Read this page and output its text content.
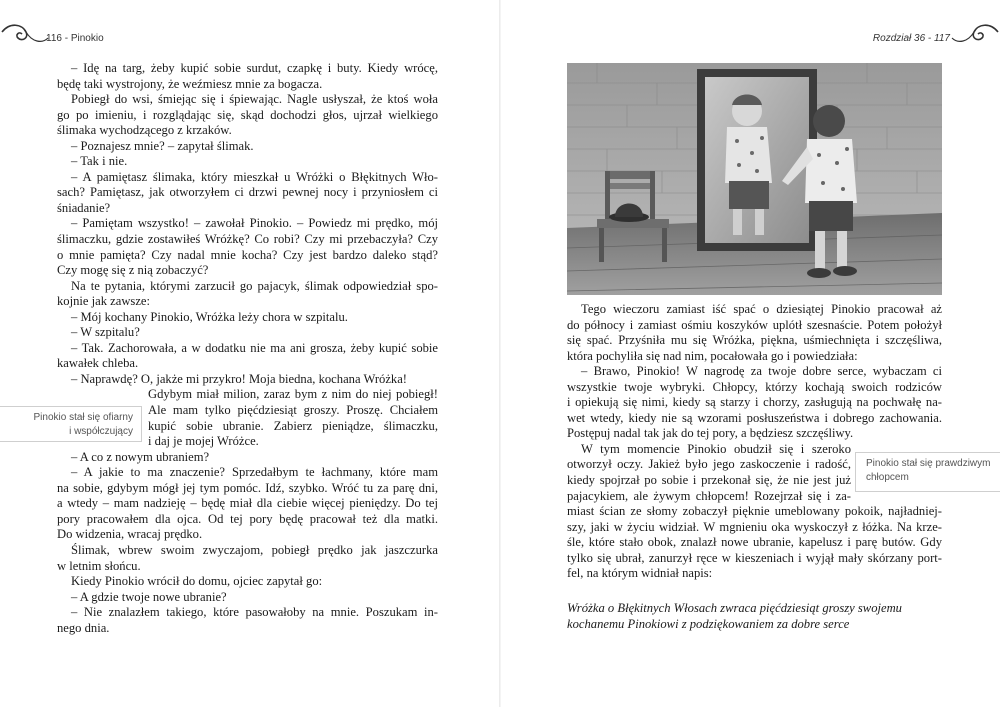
116 - Pinokio	Rozdział 36 - 117
– Idę na targ, żeby kupić sobie surdut, czapkę i buty. Kiedy wrócę,
będę taki wystrojony, że weźmiesz mnie za bogacza.
Pobiegł do wsi, śmiejąc się i śpiewając. Nagle usłyszał, że ktoś woła
go po imieniu, i rozglądając się, skąd dochodzi głos, ujrzał wielkiego
ślimaka wychodzącego z krzaków.
– Poznajesz mnie? – zapytał ślimak.
– Tak i nie.
– A pamiętasz ślimaka, który mieszkał u Wróżki o Błękitnych Wło-
sach? Pamiętasz, jak otworzyłem ci drzwi pewnej nocy i przyniosłem ci
śniadanie?
– Pamiętam wszystko! – zawołał Pinokio. – Powiedz mi prędko, mój
ślimaczku, gdzie zostawiłeś Wróżkę? Co robi? Czy mi przebaczyła? Czy
o mnie pamięta? Czy nadal mnie kocha? Czy jest bardzo daleko stąd?
Czy mogę się z nią zobaczyć?
Na te pytania, którymi zarzucił go pajacyk, ślimak odpowiedział spo-
kojnie jak zawsze:
– Mój kochany Pinokio, Wróżka leży chora w szpitalu.
– W szpitalu?
– Tak. Zachorowała, a w dodatku nie ma ani grosza, żeby kupić sobie
kawałek chleba.
– Naprawdę? O, jakże mi przykro! Moja biedna, kochana Wróżka!
Gdybym miał milion, zaraz bym z nim do niej pobiegł!
Ale mam tylko pięćdziesiąt groszy. Proszę. Chciałem
kupić sobie ubranie. Zabierz pieniądze, ślimaczku,
i daj je mojej Wróżce.
– A co z nowym ubraniem?
– A jakie to ma znaczenie? Sprzedałbym te łachmany, które mam
na sobie, gdybym mógł jej tym pomóc. Idź, szybko. Wróć tu za parę dni,
a wtedy – mam nadzieję – będę miał dla ciebie więcej pieniędzy. Do tej
pory pracowałem dla ojca. Od tej pory będę pracował też dla matki.
Do widzenia, wracaj prędko.
Ślimak, wbrew swoim zwyczajom, pobiegł prędko jak jaszczurka
w letnim słońcu.
Kiedy Pinokio wrócił do domu, ojciec zapytał go:
– A gdzie twoje nowe ubranie?
– Nie znalazłem takiego, które pasowałoby na mnie. Poszukam in-
nego dnia.
Pinokio stał się ofiarny
i współczujący
Tego wieczoru zamiast iść spać o dziesiątej Pinokio pracował aż
do północy i zamiast ośmiu koszyków uplótł szesnaście. Potem położył
się spać. Przyśniła mu się Wróżka, piękna, uśmiechnięta i szczęśliwa,
która pochyliła się nad nim, pocałowała go i powiedziała:
– Brawo, Pinokio! W nagrodę za twoje dobre serce, wybaczam ci
wszystkie twoje wybryki. Chłopcy, którzy kochają swoich rodziców
i opiekują się nimi, kiedy są starzy i chorzy, zasługują na pochwałę na-
wet wtedy, kiedy nie są wzorami posłuszeństwa i dobrego zachowania.
Postępuj nadal tak jak do tej pory, a będziesz szczęśliwy.
W tym momencie Pinokio obudził się i szeroko
otworzył oczy. Jakież było jego zaskoczenie i radość,
kiedy spojrzał po sobie i przekonał się, że nie jest już
pajacykiem, ale żywym chłopcem! Rozejrzał się i za-
miast ścian ze słomy zobaczył pięknie umeblowany pokoik, najładniej-
szy, jaki w życiu widział. W mgnieniu oka wyskoczył z łóżka. Na krze-
śle, które stało obok, znalazł nowe ubranie, kapelusz i parę butów. Gdy
tylko się ubrał, zanurzył ręce w kieszeniach i wyjął mały skórzany port-
fel, na którym widniał napis:
Pinokio stał się prawdziwym
chłopcem
Wróżka o Błękitnych Włosach zwraca pięćdziesiąt groszy swojemu
kochanemu Pinokiowi z podziękowaniem za dobre serce
